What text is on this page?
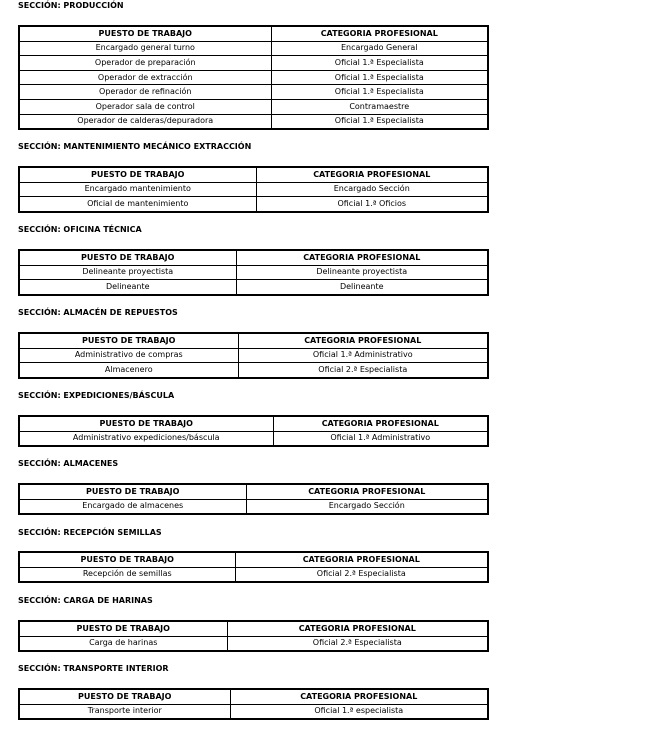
SECCIÓN: PRODUCCIÓN
PUESTO DE TRABAJO	CATEGORIA PROFESIONAL
Encargado general turno	Encargado General
Operador de preparación	Oficial 1.ª Especialista
Operador de extracción	Oficial 1.ª Especialista
Operador de refinación	Oficial 1.ª Especialista
Operador sala de control	Contramaestre
Operador de calderas/depuradora	Oficial 1.ª Especialista
SECCIÓN: MANTENIMIENTO MECÁNICO EXTRACCIÓN
PUESTO DE TRABAJO	CATEGORIA PROFESIONAL
Encargado mantenimiento	Encargado Sección
Oficial de mantenimiento	Oficial 1.ª Oficios
SECCIÓN: OFICINA TÉCNICA
PUESTO DE TRABAJO	CATEGORIA PROFESIONAL
Delineante proyectista	Delineante proyectista
Delineante	Delineante
SECCIÓN: ALMACÉN DE REPUESTOS
PUESTO DE TRABAJO	CATEGORIA PROFESIONAL
Administrativo de compras	Oficial 1.ª Administrativo
Almacenero	Oficial 2.ª Especialista
SECCIÓN: EXPEDICIONES/BÁSCULA
PUESTO DE TRABAJO	CATEGORIA PROFESIONAL
Administrativo expediciones/báscula	Oficial 1.ª Administrativo
SECCIÓN: ALMACENES
PUESTO DE TRABAJO	CATEGORIA PROFESIONAL
Encargado de almacenes	Encargado Sección
SECCIÓN: RECEPCIÓN SEMILLAS
PUESTO DE TRABAJO	CATEGORIA PROFESIONAL
Recepción de semillas	Oficial 2.ª Especialista
SECCIÓN: CARGA DE HARINAS
PUESTO DE TRABAJO	CATEGORIA PROFESIONAL
Carga de harinas	Oficial 2.ª Especialista
SECCIÓN: TRANSPORTE INTERIOR
PUESTO DE TRABAJO	CATEGORIA PROFESIONAL
Transporte interior	Oficial 1.ª especialista
